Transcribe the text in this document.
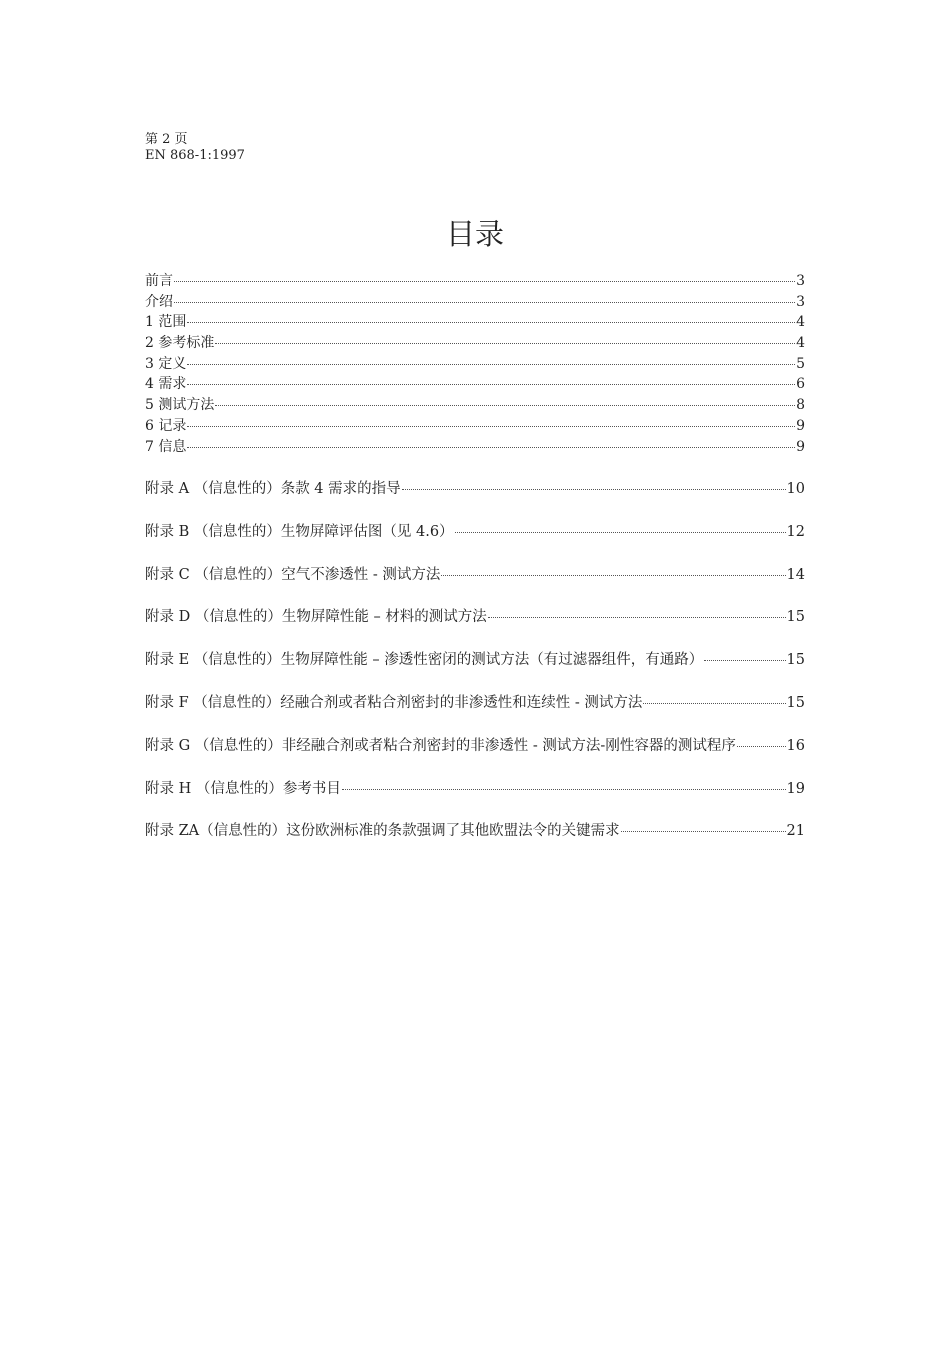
第 2 页
EN 868-1:1997
目录
前言	3
介绍	3
1 范围	4
2 参考标准	4
3 定义	5
4 需求	6
5 测试方法	8
6 记录	9
7 信息	9
附录 A （信息性的）条款 4 需求的指导	10
附录 B （信息性的）生物屏障评估图（见 4.6）	12
附录 C （信息性的）空气不渗透性 - 测试方法	14
附录 D （信息性的）生物屏障性能 – 材料的测试方法	15
附录 E （信息性的）生物屏障性能 – 渗透性密闭的测试方法（有过滤器组件，有通路）	15
附录 F （信息性的）经融合剂或者粘合剂密封的非渗透性和连续性 - 测试方法	15
附录 G （信息性的）非经融合剂或者粘合剂密封的非渗透性 - 测试方法-刚性容器的测试程序	16
附录 H （信息性的）参考书目	19
附录 ZA（信息性的）这份欧洲标准的条款强调了其他欧盟法令的关键需求	21
